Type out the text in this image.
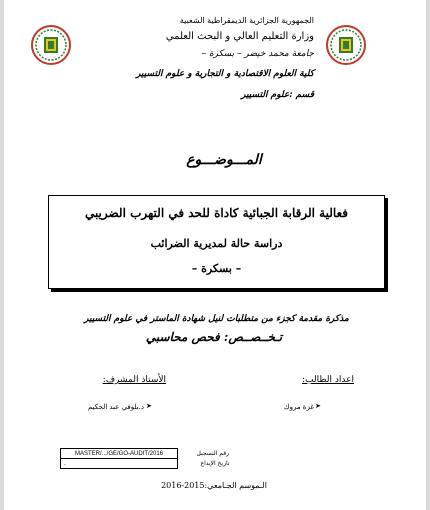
الجمهورية الجزائرية الديمقراطية الشعبية
وزارة التعليم العالي و البحث العلمي
جامعة محمد خيضر – بسكرة –
كلية العلوم الاقتصادية و التجارية و علوم التسيير
قسم :علوم التسيير
المـــوضـــوع
فعالية الرقابة الجبائية كاداة للحد في التهرب الضريبي
دراسة حالة لمديرية الضرائب
– بسكرة –
مذكرة مقدمة كجزء من متطلبات لنيل شهادة الماستر في علوم التسيير
تـخــصــص: فحص محاسبي
اعداد الطالب:
غزة مروك ➤
الأستاذ المشرف:
د.بلوفي عبد الحكيم ➤
MASTER/.../GE/GO-AUDIT/2016	رقم التسجيل
.	تاريخ الإيداع
الـموسم الجـامعي:2015-2016
